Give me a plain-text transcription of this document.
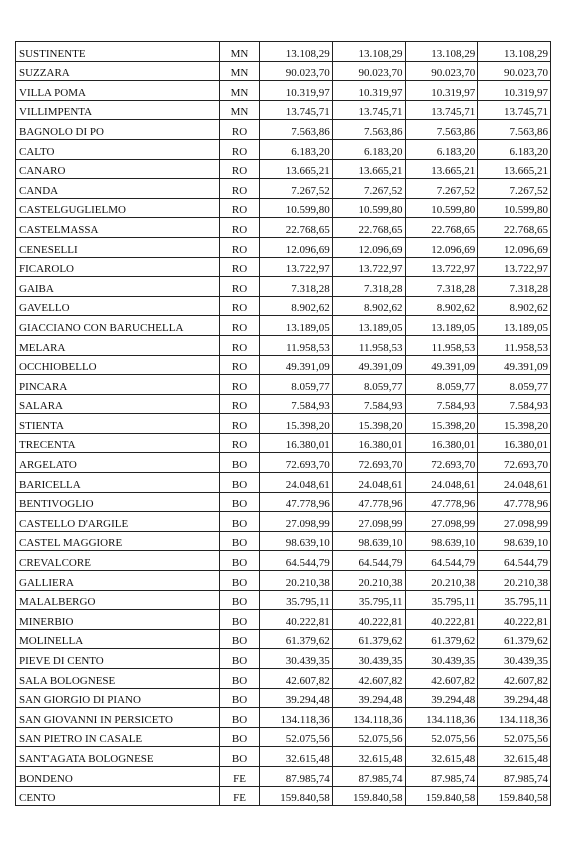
SUSTINENTE	MN	13.108,29	13.108,29	13.108,29	13.108,29
SUZZARA	MN	90.023,70	90.023,70	90.023,70	90.023,70
VILLA POMA	MN	10.319,97	10.319,97	10.319,97	10.319,97
VILLIMPENTA	MN	13.745,71	13.745,71	13.745,71	13.745,71
BAGNOLO DI PO	RO	7.563,86	7.563,86	7.563,86	7.563,86
CALTO	RO	6.183,20	6.183,20	6.183,20	6.183,20
CANARO	RO	13.665,21	13.665,21	13.665,21	13.665,21
CANDA	RO	7.267,52	7.267,52	7.267,52	7.267,52
CASTELGUGLIELMO	RO	10.599,80	10.599,80	10.599,80	10.599,80
CASTELMASSA	RO	22.768,65	22.768,65	22.768,65	22.768,65
CENESELLI	RO	12.096,69	12.096,69	12.096,69	12.096,69
FICAROLO	RO	13.722,97	13.722,97	13.722,97	13.722,97
GAIBA	RO	7.318,28	7.318,28	7.318,28	7.318,28
GAVELLO	RO	8.902,62	8.902,62	8.902,62	8.902,62
GIACCIANO CON BARUCHELLA	RO	13.189,05	13.189,05	13.189,05	13.189,05
MELARA	RO	11.958,53	11.958,53	11.958,53	11.958,53
OCCHIOBELLO	RO	49.391,09	49.391,09	49.391,09	49.391,09
PINCARA	RO	8.059,77	8.059,77	8.059,77	8.059,77
SALARA	RO	7.584,93	7.584,93	7.584,93	7.584,93
STIENTA	RO	15.398,20	15.398,20	15.398,20	15.398,20
TRECENTA	RO	16.380,01	16.380,01	16.380,01	16.380,01
ARGELATO	BO	72.693,70	72.693,70	72.693,70	72.693,70
BARICELLA	BO	24.048,61	24.048,61	24.048,61	24.048,61
BENTIVOGLIO	BO	47.778,96	47.778,96	47.778,96	47.778,96
CASTELLO D'ARGILE	BO	27.098,99	27.098,99	27.098,99	27.098,99
CASTEL MAGGIORE	BO	98.639,10	98.639,10	98.639,10	98.639,10
CREVALCORE	BO	64.544,79	64.544,79	64.544,79	64.544,79
GALLIERA	BO	20.210,38	20.210,38	20.210,38	20.210,38
MALALBERGO	BO	35.795,11	35.795,11	35.795,11	35.795,11
MINERBIO	BO	40.222,81	40.222,81	40.222,81	40.222,81
MOLINELLA	BO	61.379,62	61.379,62	61.379,62	61.379,62
PIEVE DI CENTO	BO	30.439,35	30.439,35	30.439,35	30.439,35
SALA BOLOGNESE	BO	42.607,82	42.607,82	42.607,82	42.607,82
SAN GIORGIO DI PIANO	BO	39.294,48	39.294,48	39.294,48	39.294,48
SAN GIOVANNI IN PERSICETO	BO	134.118,36	134.118,36	134.118,36	134.118,36
SAN PIETRO IN CASALE	BO	52.075,56	52.075,56	52.075,56	52.075,56
SANT'AGATA BOLOGNESE	BO	32.615,48	32.615,48	32.615,48	32.615,48
BONDENO	FE	87.985,74	87.985,74	87.985,74	87.985,74
CENTO	FE	159.840,58	159.840,58	159.840,58	159.840,58
